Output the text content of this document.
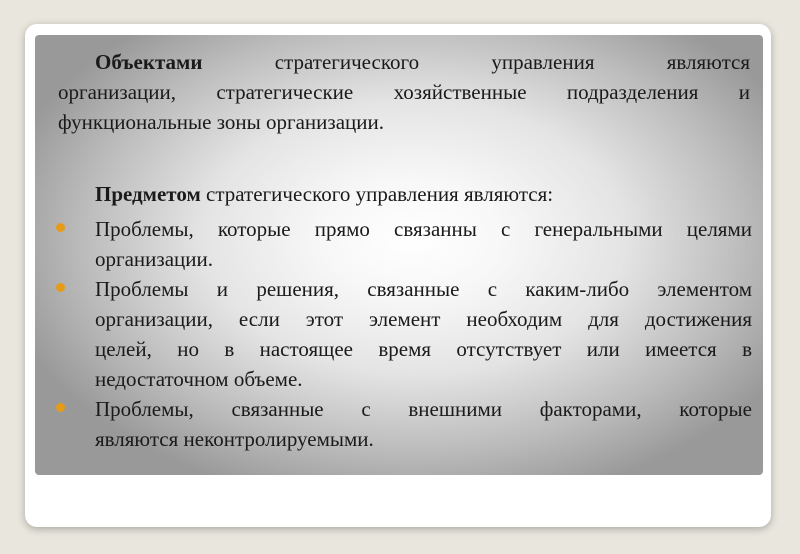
Объектами	стратегического управления являются
организации, стратегические хозяйственные подразделения и
функциональные зоны организации.
Предметом стратегического управления являются:
Проблемы, которые прямо связанны с генеральными целями
организации.
Проблемы и решения, связанные с каким-либо элементом
организации, если этот элемент необходим для достижения
целей, но в настоящее время отсутствует или имеется в
недостаточном объеме.
Проблемы, связанные с внешними факторами, которые
являются неконтролируемыми.
